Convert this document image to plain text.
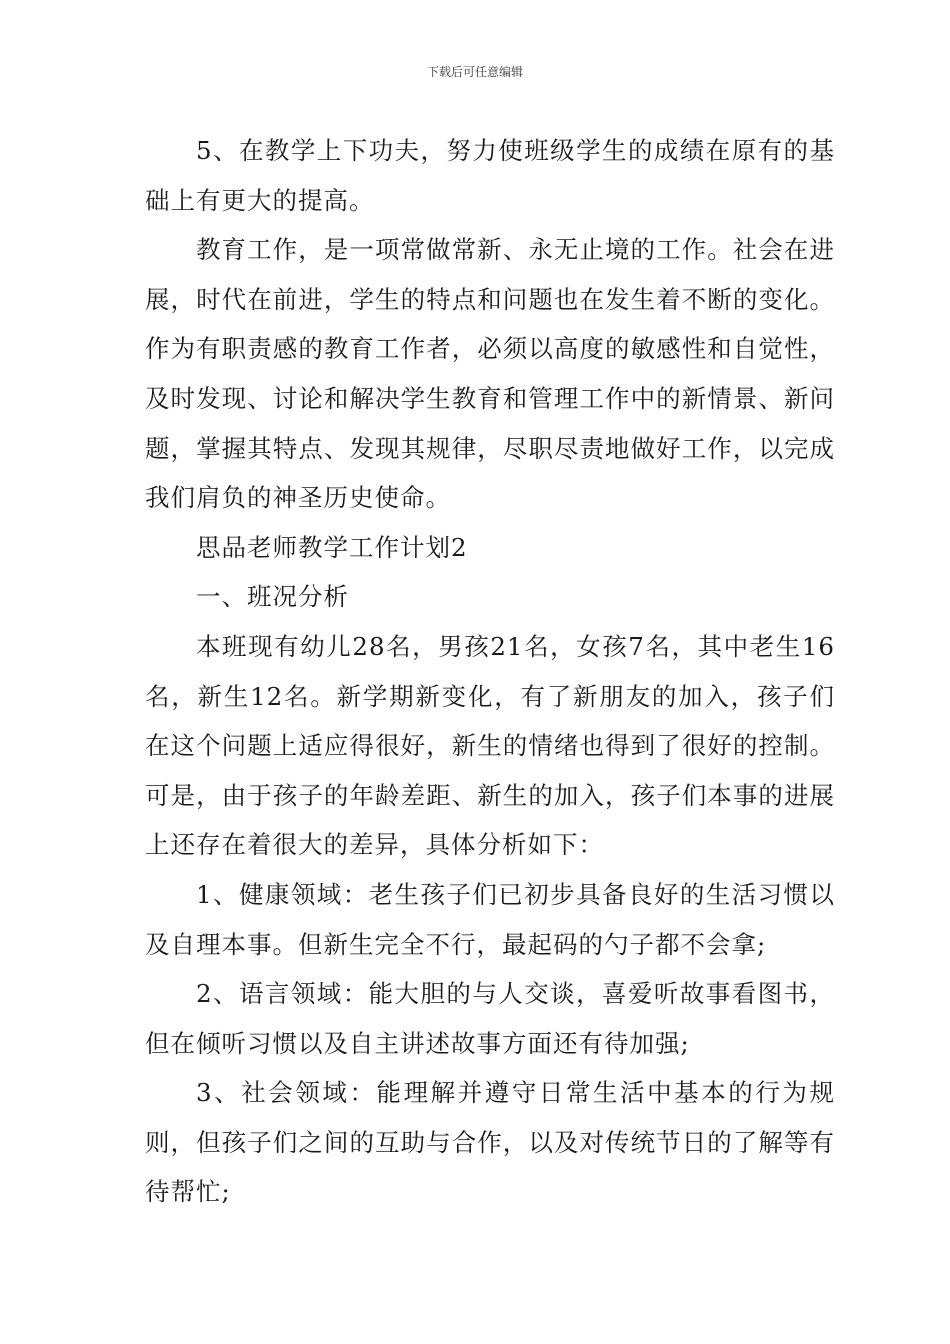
下载后可任意编辑

5、在教学上下功夫，努力使班级学生的成绩在原有的基础上有更大的提高。

教育工作，是一项常做常新、永无止境的工作。社会在进展，时代在前进，学生的特点和问题也在发生着不断的变化。作为有职责感的教育工作者，必须以高度的敏感性和自觉性，及时发现、讨论和解决学生教育和管理工作中的新情景、新问题，掌握其特点、发现其规律，尽职尽责地做好工作，以完成我们肩负的神圣历史使命。

思品老师教学工作计划2

一、班况分析

本班现有幼儿28名，男孩21名，女孩7名，其中老生16名，新生12名。新学期新变化，有了新朋友的加入，孩子们在这个问题上适应得很好，新生的情绪也得到了很好的控制。可是，由于孩子的年龄差距、新生的加入，孩子们本事的进展上还存在着很大的差异，具体分析如下：

1、健康领域：老生孩子们已初步具备良好的生活习惯以及自理本事。但新生完全不行，最起码的勺子都不会拿;

2、语言领域：能大胆的与人交谈，喜爱听故事看图书，但在倾听习惯以及自主讲述故事方面还有待加强;

3、社会领域：能理解并遵守日常生活中基本的行为规则，但孩子们之间的互助与合作，以及对传统节日的了解等有待帮忙;
